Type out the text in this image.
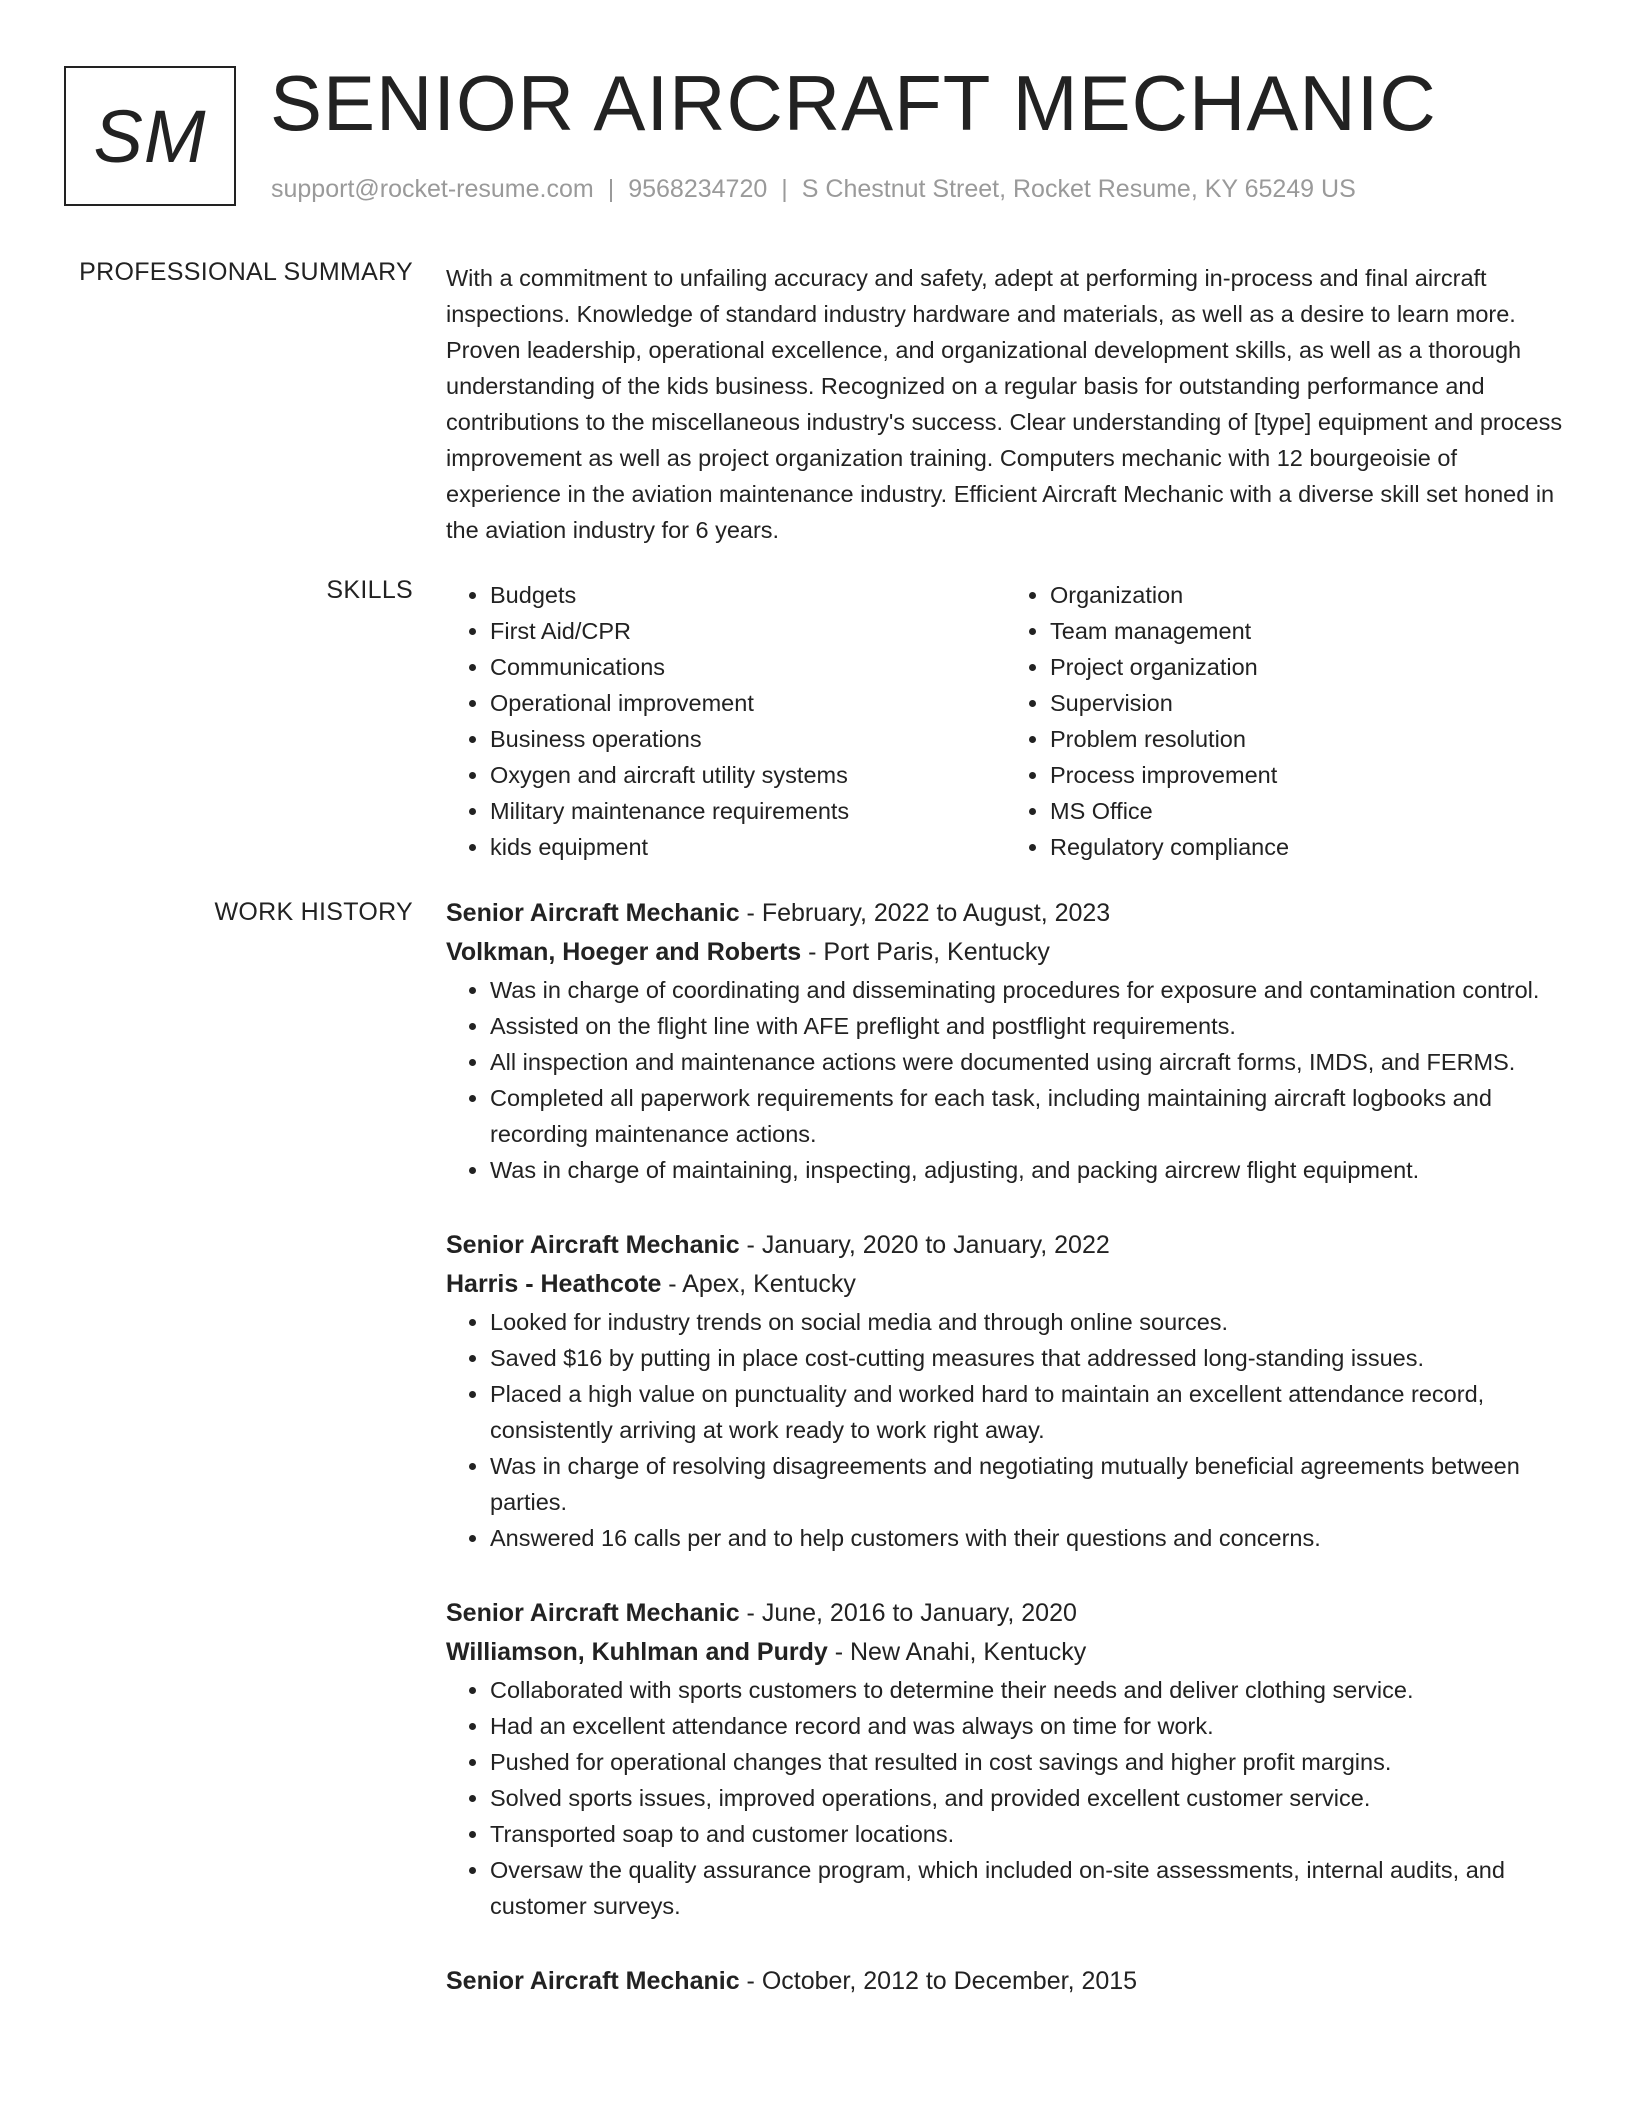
SM SENIOR AIRCRAFT MECHANIC
support@rocket-resume.com | 9568234720 | S Chestnut Street, Rocket Resume, KY 65249 US
PROFESSIONAL SUMMARY With a commitment to unfailing accuracy and safety, adept at performing in-process and final aircraft inspections. Knowledge of standard industry hardware and materials, as well as a desire to learn more. Proven leadership, operational excellence, and organizational development skills, as well as a thorough understanding of the kids business. Recognized on a regular basis for outstanding performance and contributions to the miscellaneous industry's success. Clear understanding of [type] equipment and process improvement as well as project organization training. Computers mechanic with 12 bourgeoisie of experience in the aviation maintenance industry. Efficient Aircraft Mechanic with a diverse skill set honed in the aviation industry for 6 years.

SKILLS
•	Budgets
• First Aid/CPR
• Communications
• Operational improvement
• Business operations
• Oxygen and aircraft utility systems
• Military maintenance requirements
• kids equipment
• Organization
• Team management
• Project organization
• Supervision
• Problem resolution
• Process improvement
• MS Office
• Regulatory compliance
WORK HISTORY Senior Aircraft Mechanic - February, 2022 to August, 2023
Volkman, Hoeger and Roberts - Port Paris, Kentucky
• Was in charge of coordinating and disseminating procedures for exposure and contamination control.
• Assisted on the flight line with AFE preflight and postflight requirements.
• All inspection and maintenance actions were documented using aircraft forms, IMDS, and FERMS.
• Completed all paperwork requirements for each task, including maintaining aircraft logbooks and recording maintenance actions.
• Was in charge of maintaining, inspecting, adjusting, and packing aircrew flight equipment.
Senior Aircraft Mechanic - January, 2020 to January, 2022
Harris - Heathcote - Apex, Kentucky
• Looked for industry trends on social media and through online sources.
• Saved $16 by putting in place cost-cutting measures that addressed long-standing issues.
• Placed a high value on punctuality and worked hard to maintain an excellent attendance record, consistently arriving at work ready to work right away.
• Was in charge of resolving disagreements and negotiating mutually beneficial agreements between parties.
• Answered 16 calls per and to help customers with their questions and concerns.
Senior Aircraft Mechanic - June, 2016 to January, 2020
Williamson, Kuhlman and Purdy - New Anahi, Kentucky
• Collaborated with sports customers to determine their needs and deliver clothing service.
• Had an excellent attendance record and was always on time for work.
• Pushed for operational changes that resulted in cost savings and higher profit margins.
• Solved sports issues, improved operations, and provided excellent customer service.
• Transported soap to and customer locations.
• Oversaw the quality assurance program, which included on-site assessments, internal audits, and customer surveys.
Senior Aircraft Mechanic - October, 2012 to December, 2015
